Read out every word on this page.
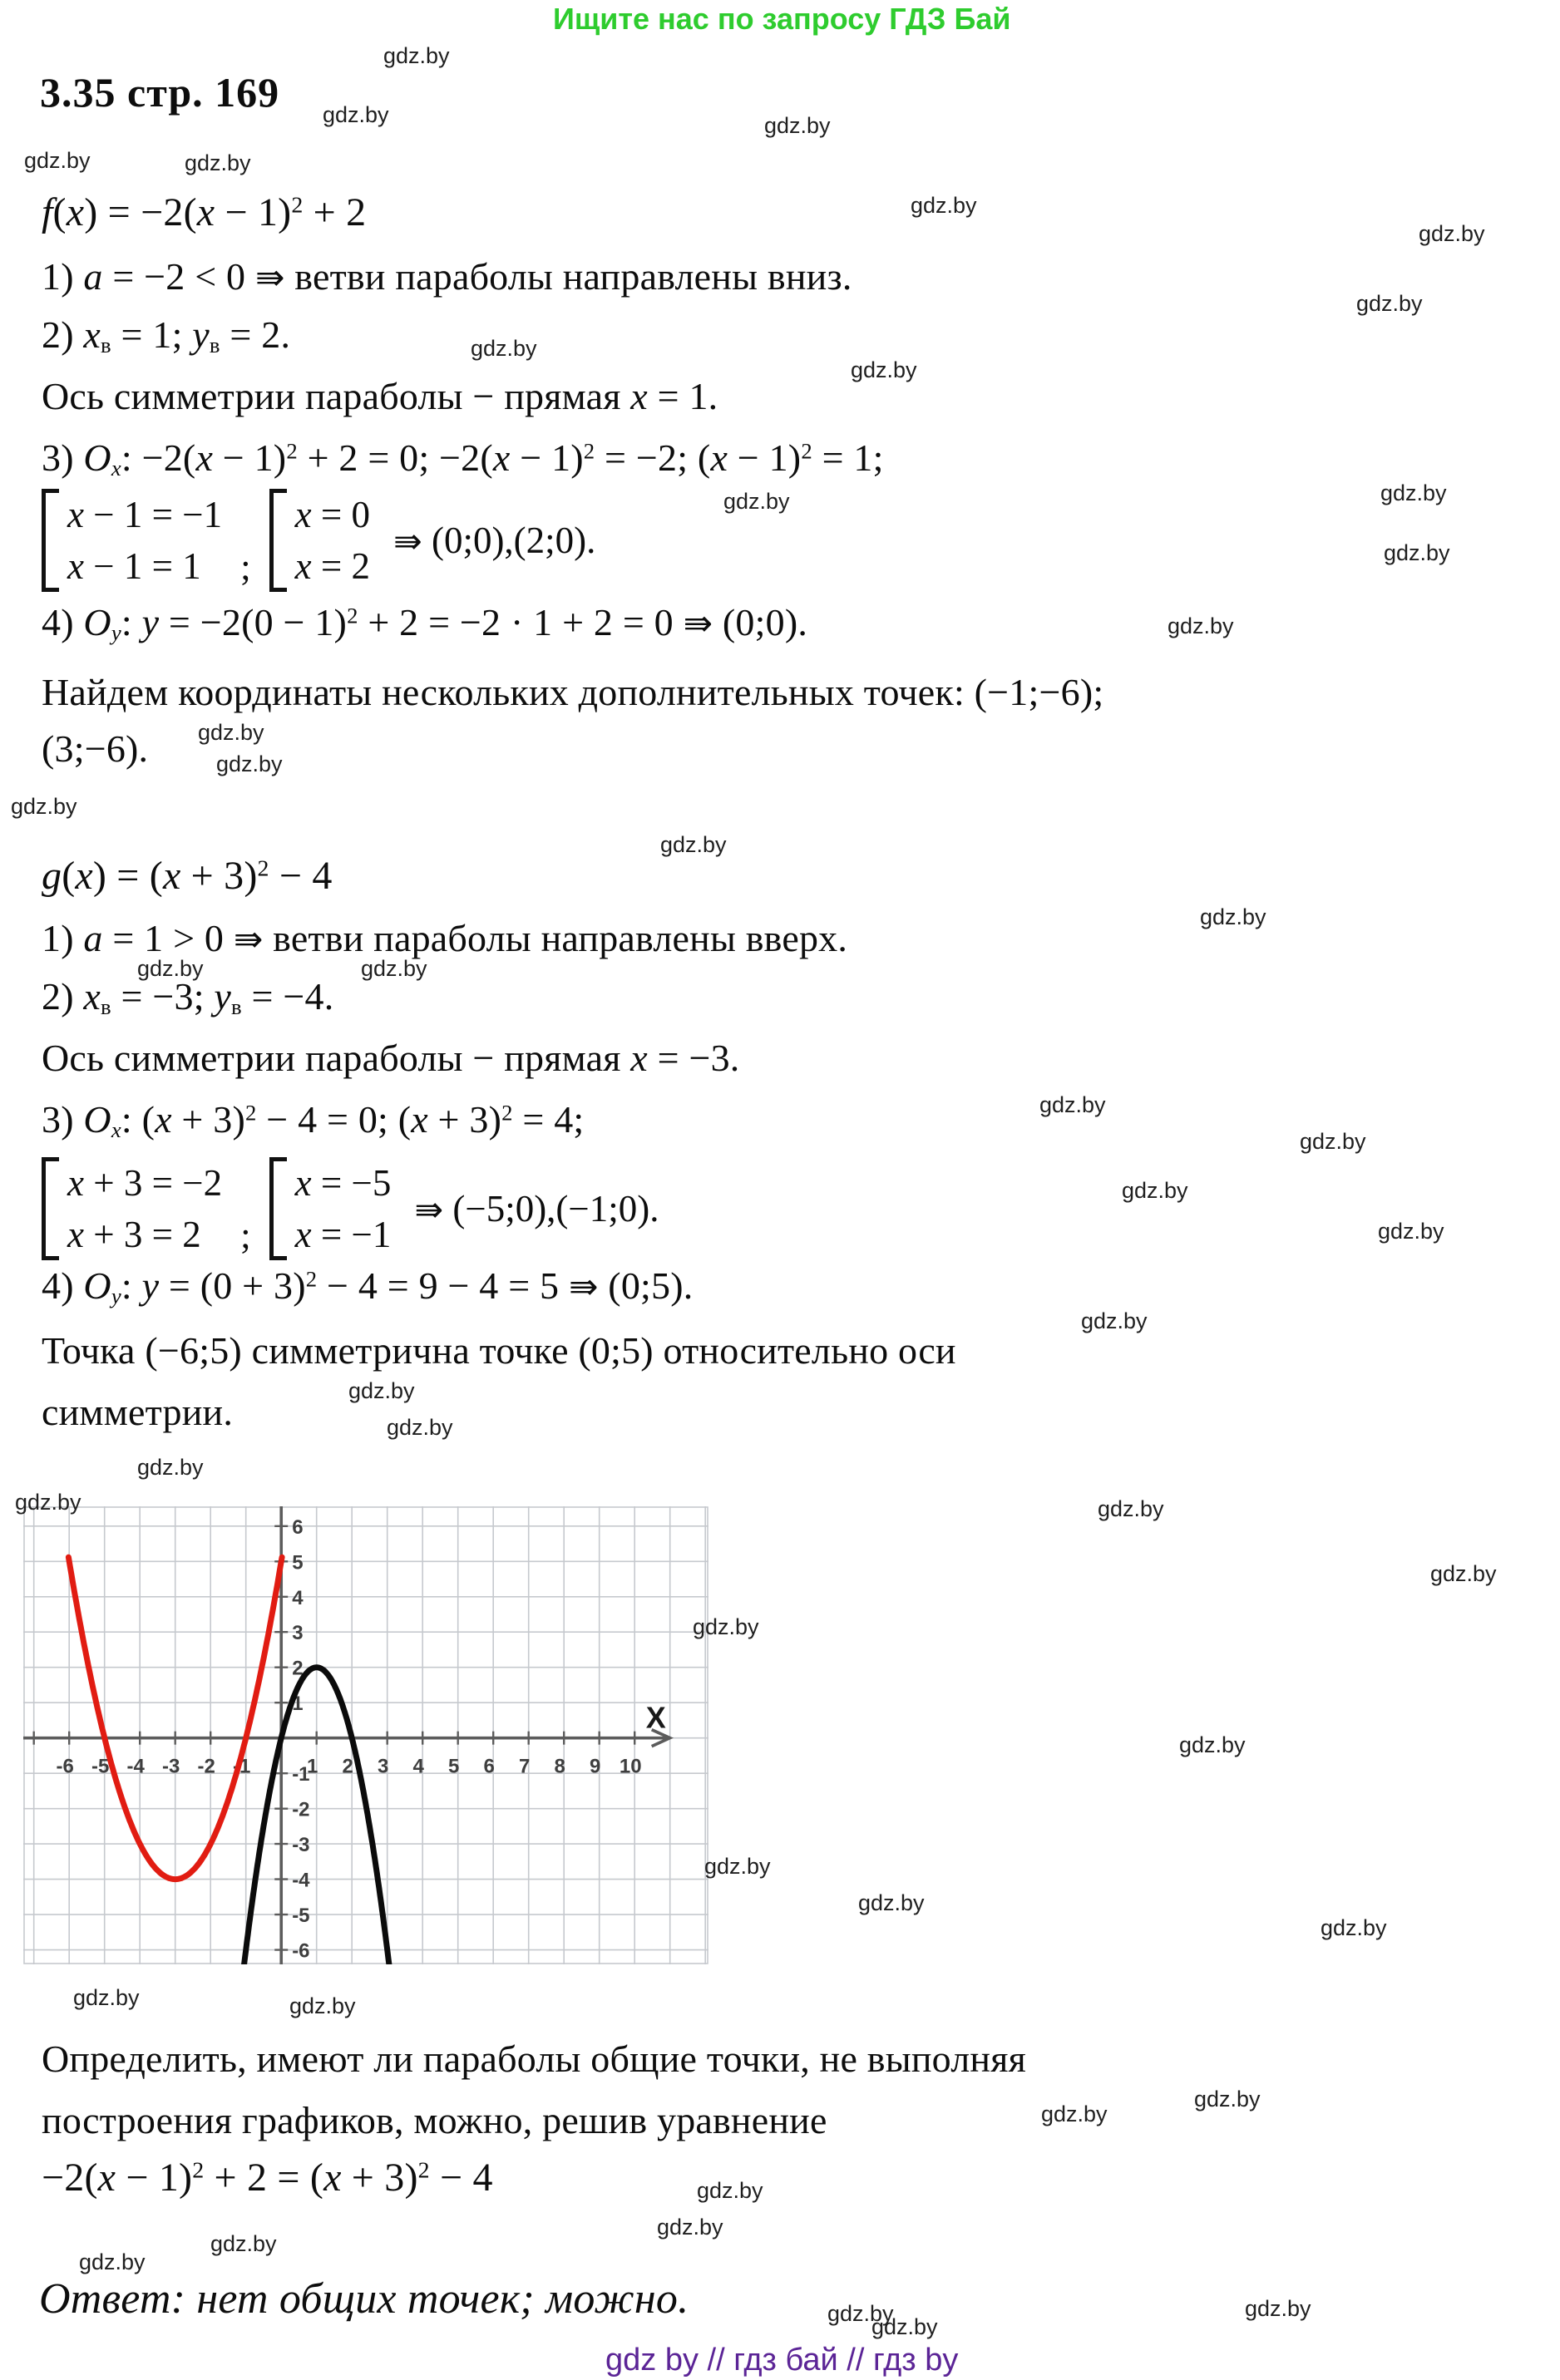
Ищите нас по запросу ГДЗ Бай
3.35 стр. 169
$f(x) = -2(x - 1)^2 + 2$
1) a = −2 < 0 ⇛ ветви параболы направлены вниз.
2) xв = 1; yв = 2.
Ось симметрии параболы − прямая x = 1.
3) Ox: $-2(x - 1)^2 + 2 = 0$; $-2(x - 1)^2 = -2$; $(x - 1)^2 = 1$;
x − 1 = −1
x − 1 = 1	;
x = 0
x = 2
⇛ (0;0),(2;0).
4) Oy: $y = -2(0 - 1)^2 + 2 = -2 \cdot 1 + 2 = 0$ ⇛ (0;0).
Найдем координаты нескольких дополнительных точек: (−1;−6);
(3;−6).
$g(x) = (x + 3)^2 - 4$
1) a = 1 > 0 ⇛ ветви параболы направлены вверх.
2) xв = −3; yв = −4.
Ось симметрии параболы − прямая x = −3.
3) Ox: $(x + 3)^2 - 4 = 0$; $(x + 3)^2 = 4$;
x + 3 = −2
x + 3 = 2	;
x = −5
x = −1
⇛ (−5;0),(−1;0).
4) Oy: $y = (0 + 3)^2 - 4 = 9 - 4 = 5$ ⇛ (0;5).
Точка (−6;5) симметрична точке (0;5) относительно оси
симметрии.
-6 -5 -4 -3 -2 -1	1 2 3 4 5 6 7 8 9 10
6
5
4
3
2
1
-1
-2
-3
-4
-5
-6
X
Определить, имеют ли параболы общие точки, не выполняя
построения графиков, можно, решив уравнение
$-2(x - 1)^2 + 2 = (x + 3)^2 - 4$
Ответ: нет общих точек; можно.
gdz by // гдз бай // гдз by
gdz.by
gdz.by	gdz.by
gdz.by	gdz.by
gdz.by
gdz.by
gdz.by
gdz.by
gdz.by
gdz.by
gdz.by
gdz.by
gdz.by
gdz.by
gdz.by
gdz.by
gdz.by
gdz.by
gdz.by	gdz.by
gdz.by
gdz.by
gdz.by
gdz.by
gdz.by
gdz.by
gdz.by
gdz.by
gdz.by	gdz.by
gdz.by
gdz.by
gdz.by
gdz.by
gdz.by
gdz.by
gdz.by	gdz.by
gdz.by
gdz.by
gdz.by
gdz.by
gdz.by
gdz.by
gdz.by
gdz.by
gdz.by
